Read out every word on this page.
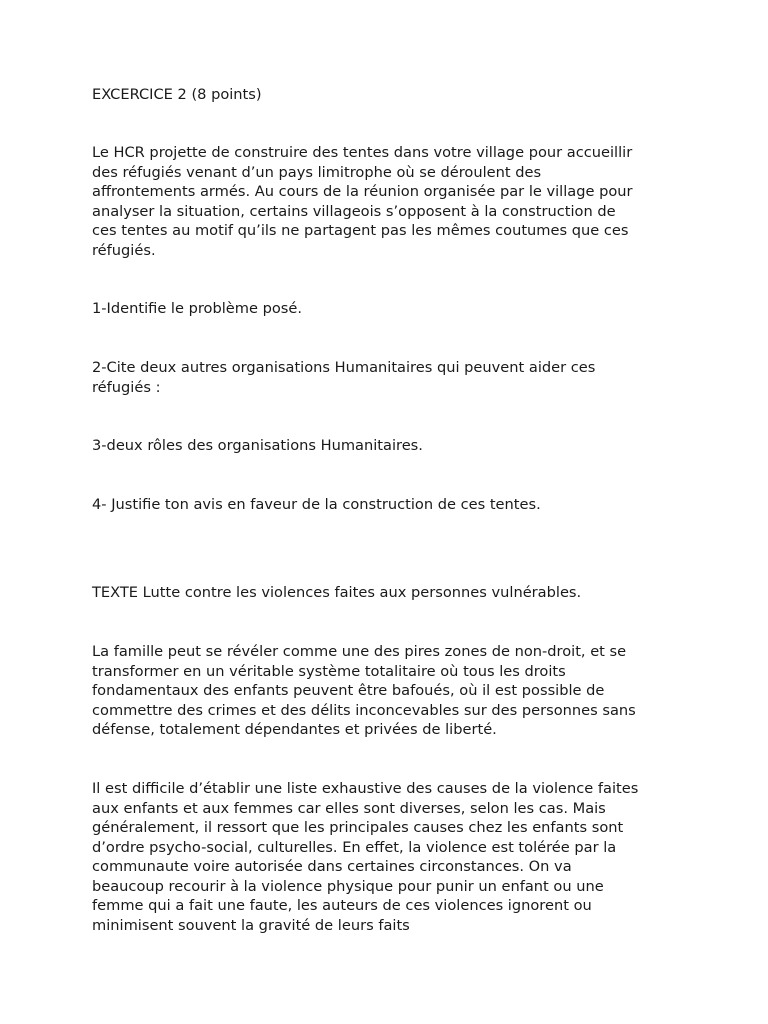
EXCERCICE 2 (8 points)

Le HCR projette de construire des tentes dans votre village pour accueillir
des réfugiés venant d’un pays limitrophe où se déroulent des
affrontements armés. Au cours de la réunion organisée par le village pour
analyser la situation, certains villageois s’opposent à la construction de
ces tentes au motif qu’ils ne partagent pas les mêmes coutumes que ces
réfugiés.

1-Identifie le problème posé.

2-Cite deux autres organisations Humanitaires qui peuvent aider ces
réfugiés :

3-deux rôles des organisations Humanitaires.

4- Justifie ton avis en faveur de la construction de ces tentes.

TEXTE Lutte contre les violences faites aux personnes vulnérables.

La famille peut se révéler comme une des pires zones de non-droit, et se
transformer en un véritable système totalitaire où tous les droits
fondamentaux des enfants peuvent être bafoués, où il est possible de
commettre des crimes et des délits inconcevables sur des personnes sans
défense, totalement dépendantes et privées de liberté.

Il est difficile d’établir une liste exhaustive des causes de la violence faites
aux enfants et aux femmes car elles sont diverses, selon les cas. Mais
généralement, il ressort que les principales causes chez les enfants sont
d’ordre psycho-social, culturelles. En effet, la violence est tolérée par la
communaute voire autorisée dans certaines circonstances. On va
beaucoup recourir à la violence physique pour punir un enfant ou une
femme qui a fait une faute, les auteurs de ces violences ignorent ou
minimisent souvent la gravité de leurs faits
